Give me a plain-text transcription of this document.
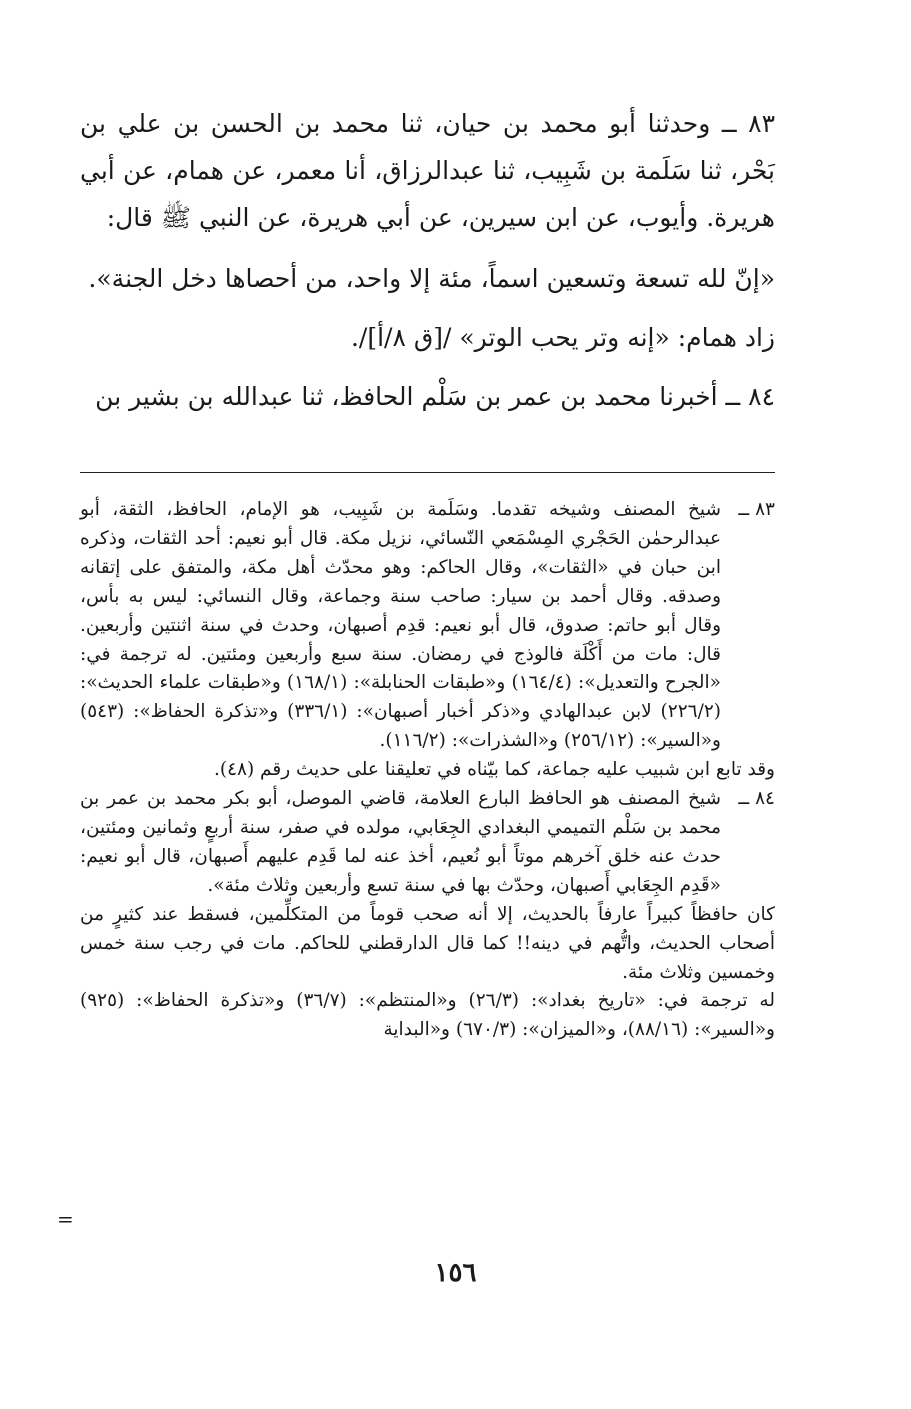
٨٣ ــ وحدثنا أبو محمد بن حيان، ثنا محمد بن الحسن بن علي بن بَحْر، ثنا سَلَمة بن شَبِيب، ثنا عبدالرزاق، أنا معمر، عن همام، عن أبي هريرة. وأيوب، عن ابن سيرين، عن أبي هريرة، عن النبي ﷺ قال:

«إنّ لله تسعة وتسعين اسماً، مئة إلا واحد، من أحصاها دخل الجنة».

زاد همام: «إنه وتر يحب الوتر» /[ق ٨/أ]/.

٨٤ ــ أخبرنا محمد بن عمر بن سَلْم الحافظ، ثنا عبدالله بن بشير بن

٨٣ ــ
شيخ المصنف وشيخه تقدما. وسَلَمة بن شَبِيب، هو الإمام، الحافظ، الثقة، أبو عبدالرحمٰن الحَجْري المِسْمَعي النّسائي، نزيل مكة. قال أبو نعيم: أحد الثقات، وذكره ابن حبان في «الثقات»، وقال الحاكم: وهو محدّث أهل مكة، والمتفق على إتقانه وصدقه. وقال أحمد بن سيار: صاحب سنة وجماعة، وقال النسائي: ليس به بأس، وقال أبو حاتم: صدوق، قال أبو نعيم: قدِم أصبهان، وحدث في سنة اثنتين وأربعين. قال: مات من أَكْلَة فالوذج في رمضان. سنة سبع وأربعين ومئتين. له ترجمة في: «الجرح والتعديل»: (١٦٤/٤) و«طبقات الحنابلة»: (١٦٨/١) و«طبقات علماء الحديث»: (٢٢٦/٢) لابن عبدالهادي و«ذكر أخبار أصبهان»: (٣٣٦/١) و«تذكرة الحفاظ»: (٥٤٣) و«السير»: (٢٥٦/١٢) و«الشذرات»: (١١٦/٢).

وقد تابع ابن شبيب عليه جماعة، كما بيّناه في تعليقنا على حديث رقم (٤٨).

٨٤ ــ
شيخ المصنف هو الحافظ البارع العلامة، قاضي الموصل، أبو بكر محمد بن عمر بن محمد بن سَلْم التميمي البغدادي الجِعَابي، مولده في صفر، سنة أربعٍ وثمانين ومئتين، حدث عنه خلق آخرهم موتاً أبو نُعيم، أخذ عنه لما قَدِم عليهم أَصبهان، قال أبو نعيم: «قَدِم الجِعَابي أَصبهان، وحدّث بها في سنة تسع وأربعين وثلاث مئة».

كان حافظاً كبيراً عارفاً بالحديث، إلا أنه صحب قوماً من المتكلِّمين، فسقط عند كثيرٍ من أصحاب الحديث، واتُّهم في دينه!! كما قال الدارقطني للحاكم. مات في رجب سنة خمس وخمسين وثلاث مئة.

له ترجمة في: «تاريخ بغداد»: (٢٦/٣) و«المنتظم»: (٣٦/٧) و«تذكرة الحفاظ»: (٩٢٥) و«السير»: (٨٨/١٦)، و«الميزان»: (٦٧٠/٣) و«البداية

=
١٥٦
